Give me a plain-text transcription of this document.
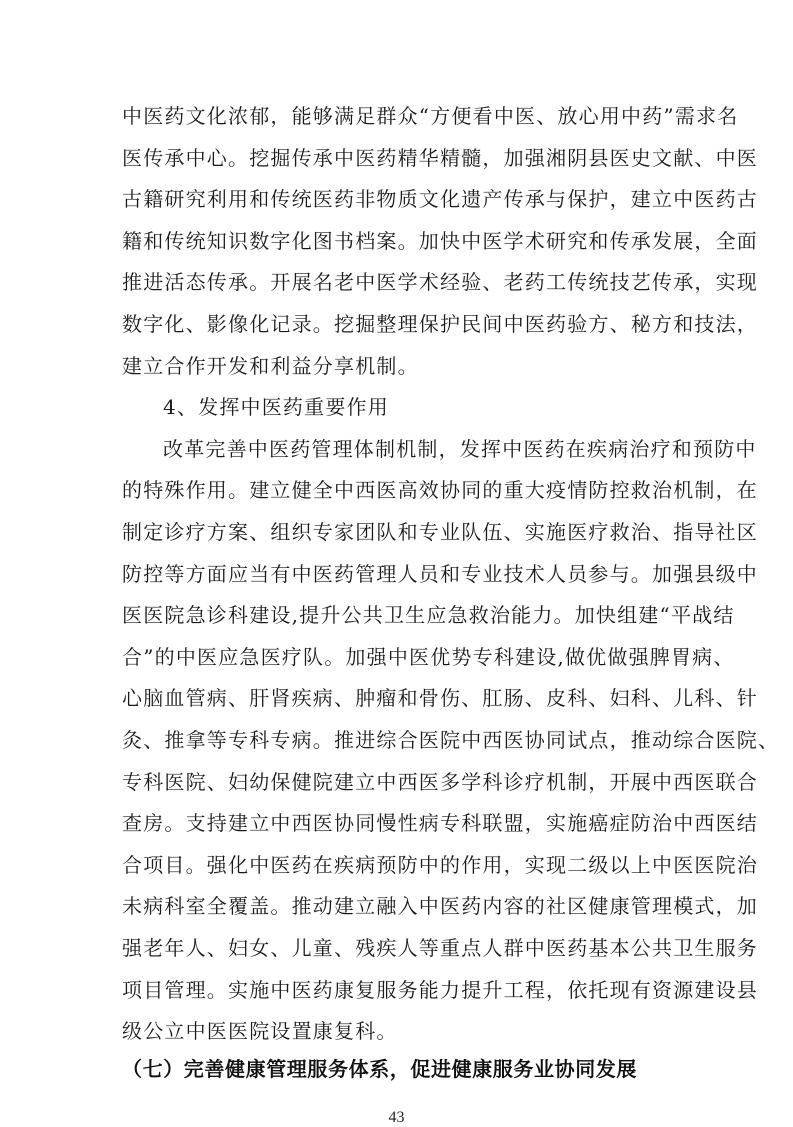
中医药文化浓郁，能够满足群众“方便看中医、放心用中药”需求名
医传承中心。挖掘传承中医药精华精髓，加强湘阴县医史文献、中医
古籍研究利用和传统医药非物质文化遗产传承与保护，建立中医药古
籍和传统知识数字化图书档案。加快中医学术研究和传承发展，全面
推进活态传承。开展名老中医学术经验、老药工传统技艺传承，实现
数字化、影像化记录。挖掘整理保护民间中医药验方、秘方和技法，
建立合作开发和利益分享机制。
4、发挥中医药重要作用
改革完善中医药管理体制机制，发挥中医药在疾病治疗和预防中
的特殊作用。建立健全中西医高效协同的重大疫情防控救治机制，在
制定诊疗方案、组织专家团队和专业队伍、实施医疗救治、指导社区
防控等方面应当有中医药管理人员和专业技术人员参与。加强县级中
医医院急诊科建设,提升公共卫生应急救治能力。加快组建“平战结
合”的中医应急医疗队。加强中医优势专科建设,做优做强脾胃病、
心脑血管病、肝肾疾病、肿瘤和骨伤、肛肠、皮科、妇科、儿科、针
灸、推拿等专科专病。推进综合医院中西医协同试点，推动综合医院、
专科医院、妇幼保健院建立中西医多学科诊疗机制，开展中西医联合
查房。支持建立中西医协同慢性病专科联盟，实施癌症防治中西医结
合项目。强化中医药在疾病预防中的作用，实现二级以上中医医院治
未病科室全覆盖。推动建立融入中医药内容的社区健康管理模式，加
强老年人、妇女、儿童、残疾人等重点人群中医药基本公共卫生服务
项目管理。实施中医药康复服务能力提升工程，依托现有资源建设县
级公立中医医院设置康复科。
（七）完善健康管理服务体系，促进健康服务业协同发展
43
